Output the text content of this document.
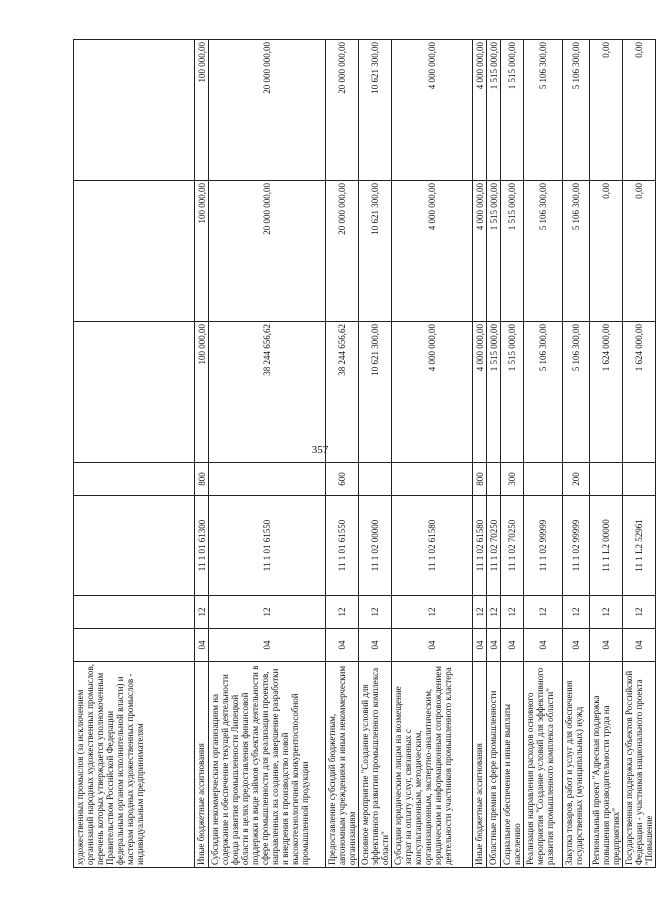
357
художественных промыслов (за исключением организаций народных художественных промыслов, перечень которых утверждается уполномоченным Правительством Российской Федерации федеральным органом исполнительной власти) и мастерам народных художественных промыслов - индивидуальным предпринимателям							
Иные бюджетные ассигнования	04	12	11 1 01 61300	800	100 000,00	100 000,00	100 000,00
Субсидии некоммерческим организациям на содержание и обеспечение текущей деятельности фонда развития промышленности Липецкой области в целях предоставления финансовой поддержки в виде займов субъектам деятельности в сфере промышленности для реализации проектов, направленных на создание, завершение разработки и внедрения в производство новой высокотехнологичной конкурентоспособной промышленной продукции	04	12	11 1 01 61550		38 244 656,62	20 000 000,00	20 000 000,00
Предоставление субсидий бюджетным, автономным учреждениям и иным некоммерческим организациям	04	12	11 1 01 61550	600	38 244 656,62	20 000 000,00	20 000 000,00
Основное мероприятие "Создание условий для эффективного развития промышленного комплекса области"	04	12	11 1 02 00000		10 621 300,00	10 621 300,00	10 621 300,00
Субсидии юридическим лицам на возмещение затрат на оплату услуг, связанных с консультационным, методическим, организационным, экспертно-аналитическим, юридическим и информационным сопровождением деятельности участников промышленного кластера	04	12	11 1 02 61580		4 000 000,00	4 000 000,00	4 000 000,00
Иные бюджетные ассигнования	04	12	11 1 02 61580	800	4 000 000,00	4 000 000,00	4 000 000,00
Областные премии в сфере промышленности	04	12	11 1 02 70250		1 515 000,00	1 515 000,00	1 515 000,00
Социальное обеспечение и иные выплаты населению	04	12	11 1 02 70250	300	1 515 000,00	1 515 000,00	1 515 000,00
Реализация направления расходов основного мероприятия "Создание условий для эффективного развития промышленного комплекса области"	04	12	11 1 02 99999		5 106 300,00	5 106 300,00	5 106 300,00
Закупка товаров, работ и услуг для обеспечения государственных (муниципальных) нужд	04	12	11 1 02 99999	200	5 106 300,00	5 106 300,00	5 106 300,00
Региональный проект "Адресная поддержка повышения производительности труда на предприятиях"	04	12	11 1 L2 00000		1 624 000,00	0,00	0,00
Государственная поддержка субъектов Российской Федерации - участников национального проекта "Повышение	04	12	11 1 L2 52961		1 624 000,00	0,00	0,00
